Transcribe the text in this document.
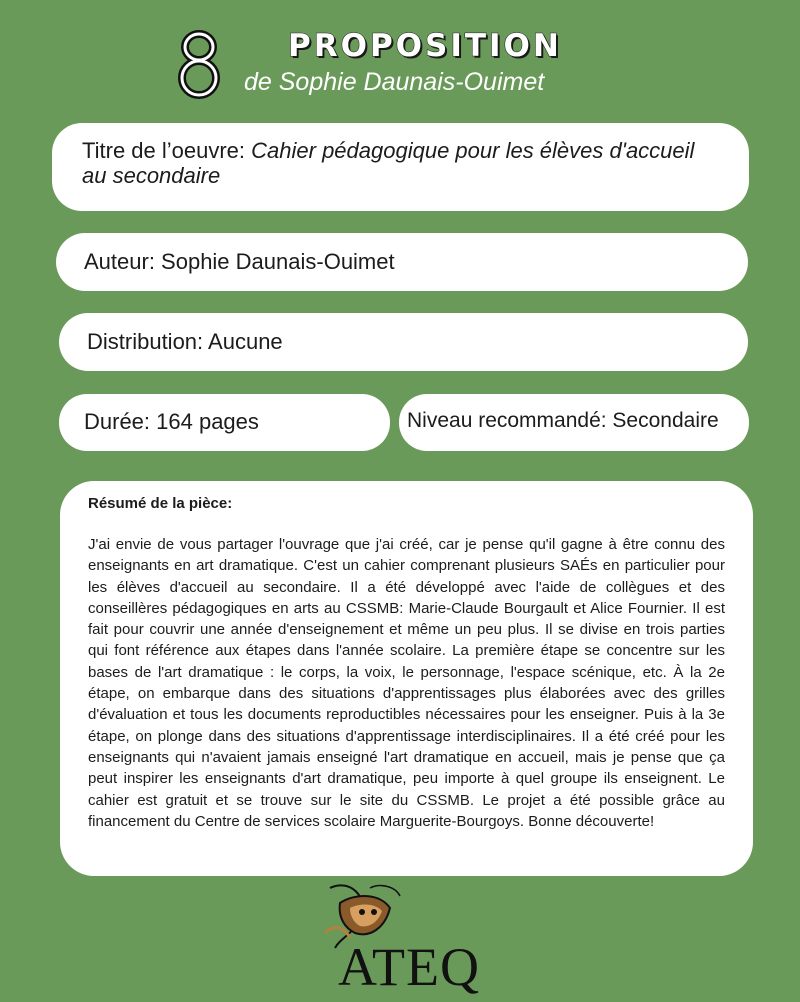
8	PROPOSITION
de Sophie Daunais-Ouimet
Titre de l’oeuvre: Cahier pédagogique pour les élèves d'accueil au secondaire
Auteur: Sophie Daunais-Ouimet
Distribution: Aucune
Durée: 164 pages	Niveau recommandé: Secondaire
Résumé de la pièce:

J'ai envie de vous partager l'ouvrage que j'ai créé, car je pense qu'il gagne à être connu des enseignants en art dramatique. C'est un cahier comprenant plusieurs SAÉs en particulier pour les élèves d'accueil au secondaire. Il a été développé avec l'aide de collègues et des conseillères pédagogiques en arts au CSSMB: Marie-Claude Bourgault et Alice Fournier. Il est fait pour couvrir une année d'enseignement et même un peu plus. Il se divise en trois parties qui font référence aux étapes dans l'année scolaire. La première étape se concentre sur les bases de l'art dramatique : le corps, la voix, le personnage, l'espace scénique, etc. À la 2e étape, on embarque dans des situations d'apprentissages plus élaborées avec des grilles d'évaluation et tous les documents reproductibles nécessaires pour les enseigner. Puis à la 3e étape, on plonge dans des situations d'apprentissage interdisciplinaires. Il a été créé pour les enseignants qui n'avaient jamais enseigné l'art dramatique en accueil, mais je pense que ça peut inspirer les enseignants d'art dramatique, peu importe à quel groupe ils enseignent. Le cahier est gratuit et se trouve sur le site du CSSMB. Le projet a été possible grâce au financement du Centre de services scolaire Marguerite-Bourgoys. Bonne découverte!

ATEQ
